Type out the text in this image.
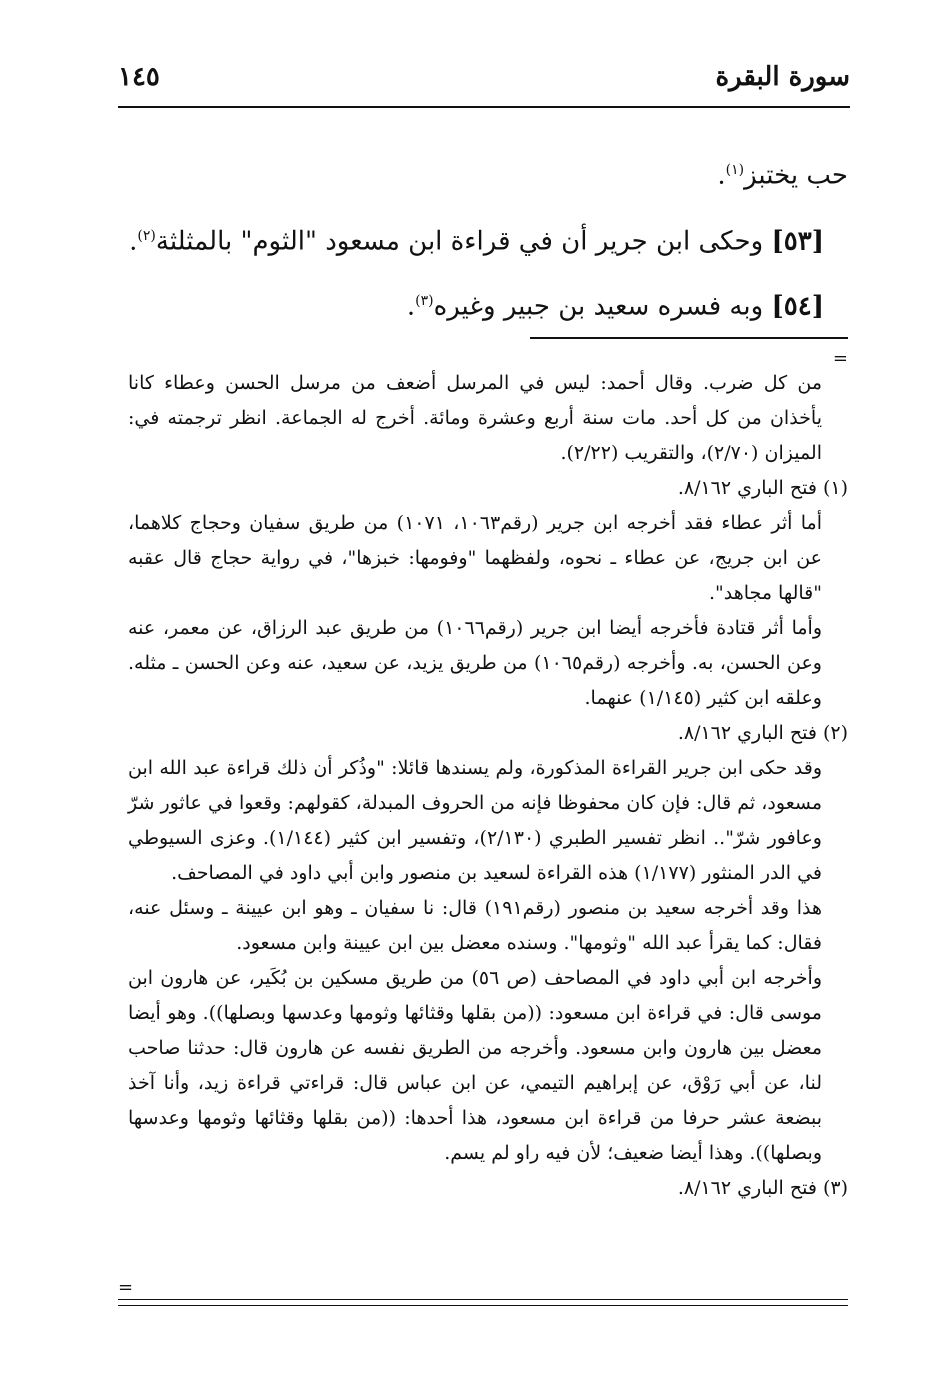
سورة البقرة
١٤٥
حب يختبز$^{(١)}$.
[٥٣] وحكى ابن جرير أن في قراءة ابن مسعود "الثوم" بالمثلثة$^{(٢)}$.
[٥٤] وبه فسره سعيد بن جبير وغيره$^{(٣)}$.
=

من كل ضرب. وقال أحمد: ليس في المرسل أضعف من مرسل الحسن وعطاء كانا يأخذان من كل أحد. مات سنة أربع وعشرة ومائة. أخرج له الجماعة. انظر ترجمته في: الميزان (٢/٧٠)، والتقريب (٢/٢٢).

(١) فتح الباري ٨/١٦٢.

أما أثر عطاء فقد أخرجه ابن جرير (رقم١٠٦٣، ١٠٧١) من طريق سفيان وحجاج كلاهما، عن ابن جريج، عن عطاء ـ نحوه، ولفظهما "وفومها: خبزها"، في رواية حجاج قال عقبه "قالها مجاهد".

وأما أثر قتادة فأخرجه أيضا ابن جرير (رقم١٠٦٦) من طريق عبد الرزاق، عن معمر، عنه وعن الحسن، به. وأخرجه (رقم١٠٦٥) من طريق يزيد، عن سعيد، عنه وعن الحسن ـ مثله. وعلقه ابن كثير (١/١٤٥) عنهما.

(٢) فتح الباري ٨/١٦٢.

وقد حكى ابن جرير القراءة المذكورة، ولم يسندها قائلا: "وذُكر أن ذلك قراءة عبد الله ابن مسعود، ثم قال: فإن كان محفوظا فإنه من الحروف المبدلة، كقولهم: وقعوا في عاثور شرّ وعافور شرّ".. انظر تفسير الطبري (٢/١٣٠)، وتفسير ابن كثير (١/١٤٤). وعزى السيوطي في الدر المنثور (١/١٧٧) هذه القراءة لسعيد بن منصور وابن أبي داود في المصاحف.

هذا وقد أخرجه سعيد بن منصور (رقم١٩١) قال: نا سفيان ـ وهو ابن عيينة ـ وسئل عنه، فقال: كما يقرأ عبد الله "وثومها". وسنده معضل بين ابن عيينة وابن مسعود.

وأخرجه ابن أبي داود في المصاحف (ص ٥٦) من طريق مسكين بن بُكَير، عن هارون ابن موسى قال: في قراءة ابن مسعود: ((من بقلها وقثائها وثومها وعدسها وبصلها)). وهو أيضا معضل بين هارون وابن مسعود. وأخرجه من الطريق نفسه عن هارون قال: حدثنا صاحب لنا، عن أبي رَوْق، عن إبراهيم التيمي، عن ابن عباس قال: قراءتي قراءة زيد، وأنا آخذ ببضعة عشر حرفا من قراءة ابن مسعود، هذا أحدها: ((من بقلها وقثائها وثومها وعدسها وبصلها)). وهذا أيضا ضعيف؛ لأن فيه راو لم يسم.

(٣) فتح الباري ٨/١٦٢.

=
